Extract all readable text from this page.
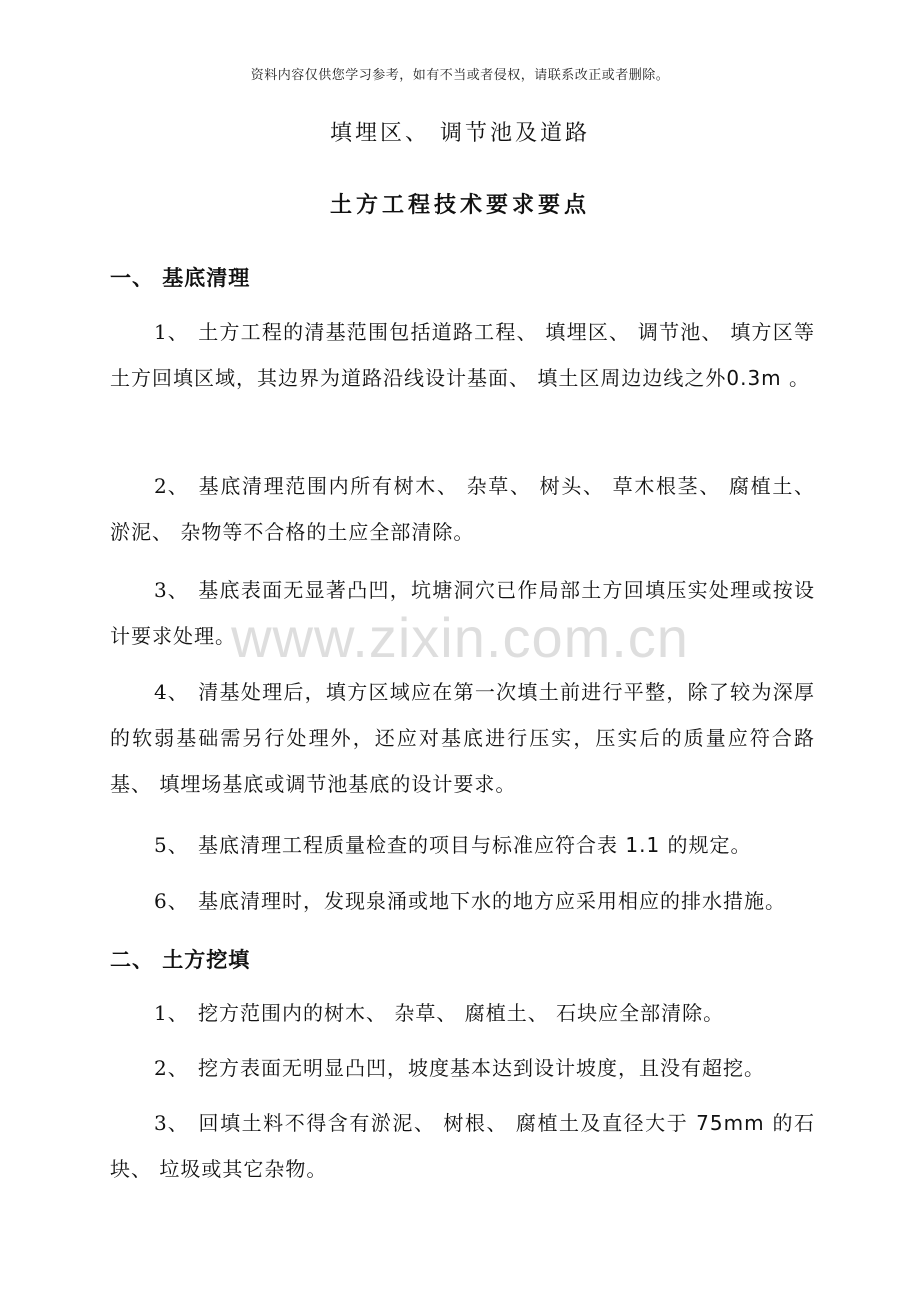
资料内容仅供您学习参考，如有不当或者侵权，请联系改正或者删除。
填埋区、 调节池及道路
土方工程技术要求要点
一、 基底清理
1、 土方工程的清基范围包括道路工程、 填埋区、 调节池、 填方区等土方回填区域，其边界为道路沿线设计基面、 填土区周边边线之外0.3m 。
2、 基底清理范围内所有树木、 杂草、 树头、 草木根茎、 腐植土、 淤泥、 杂物等不合格的土应全部清除。
3、 基底表面无显著凸凹，坑塘洞穴已作局部土方回填压实处理或按设计要求处理。
4、 清基处理后，填方区域应在第一次填土前进行平整，除了较为深厚的软弱基础需另行处理外，还应对基底进行压实，压实后的质量应符合路基、 填埋场基底或调节池基底的设计要求。
5、 基底清理工程质量检查的项目与标准应符合表 1.1 的规定。
6、 基底清理时，发现泉涌或地下水的地方应采用相应的排水措施。
二、 土方挖填
1、 挖方范围内的树木、 杂草、 腐植土、 石块应全部清除。
2、 挖方表面无明显凸凹，坡度基本达到设计坡度，且没有超挖。
3、 回填土料不得含有淤泥、 树根、 腐植土及直径大于 75mm 的石块、 垃圾或其它杂物。
www.zixin.com.cn
